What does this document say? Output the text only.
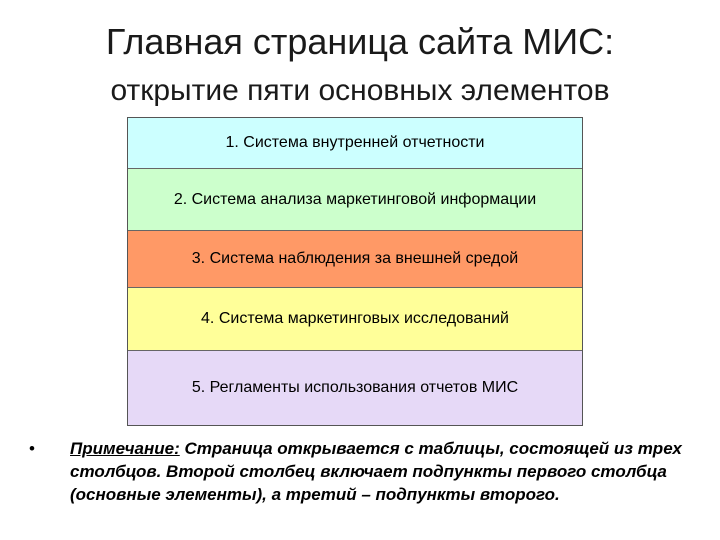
Главная страница сайта МИС:
открытие пяти основных элементов
1. Система внутренней отчетности
2. Система анализа маркетинговой информации
3. Система наблюдения за внешней средой
4. Система маркетинговых исследований
5. Регламенты использования отчетов МИС
• Примечание: Страница открывается с таблицы, состоящей из трех столбцов. Второй столбец включает подпункты первого столбца (основные элементы), а третий – подпункты второго.
